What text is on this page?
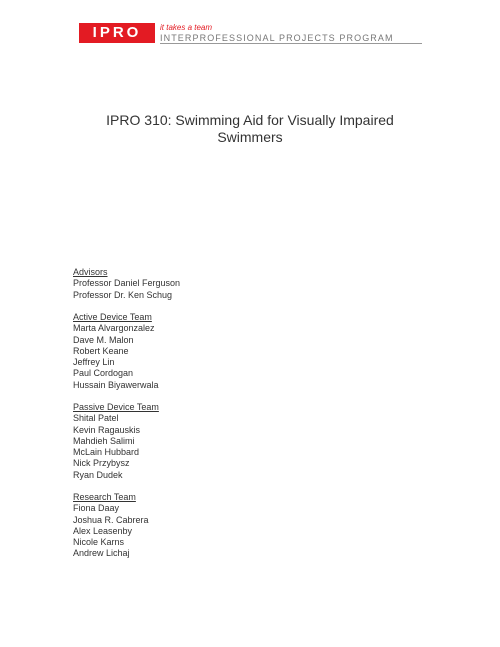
IPRO	it takes a team
INTERPROFESSIONAL PROJECTS PROGRAM
IPRO 310: Swimming Aid for Visually Impaired
Swimmers
Advisors
Professor Daniel Ferguson
Professor Dr. Ken Schug
Active Device Team
Marta Alvargonzalez
Dave M. Malon
Robert Keane
Jeffrey Lin
Paul Cordogan
Hussain Biyawerwala
Passive Device Team
Shital Patel
Kevin Ragauskis
Mahdieh Salimi
McLain Hubbard
Nick Przybysz
Ryan Dudek
Research Team
Fiona Daay
Joshua R. Cabrera
Alex Leasenby
Nicole Karns
Andrew Lichaj
